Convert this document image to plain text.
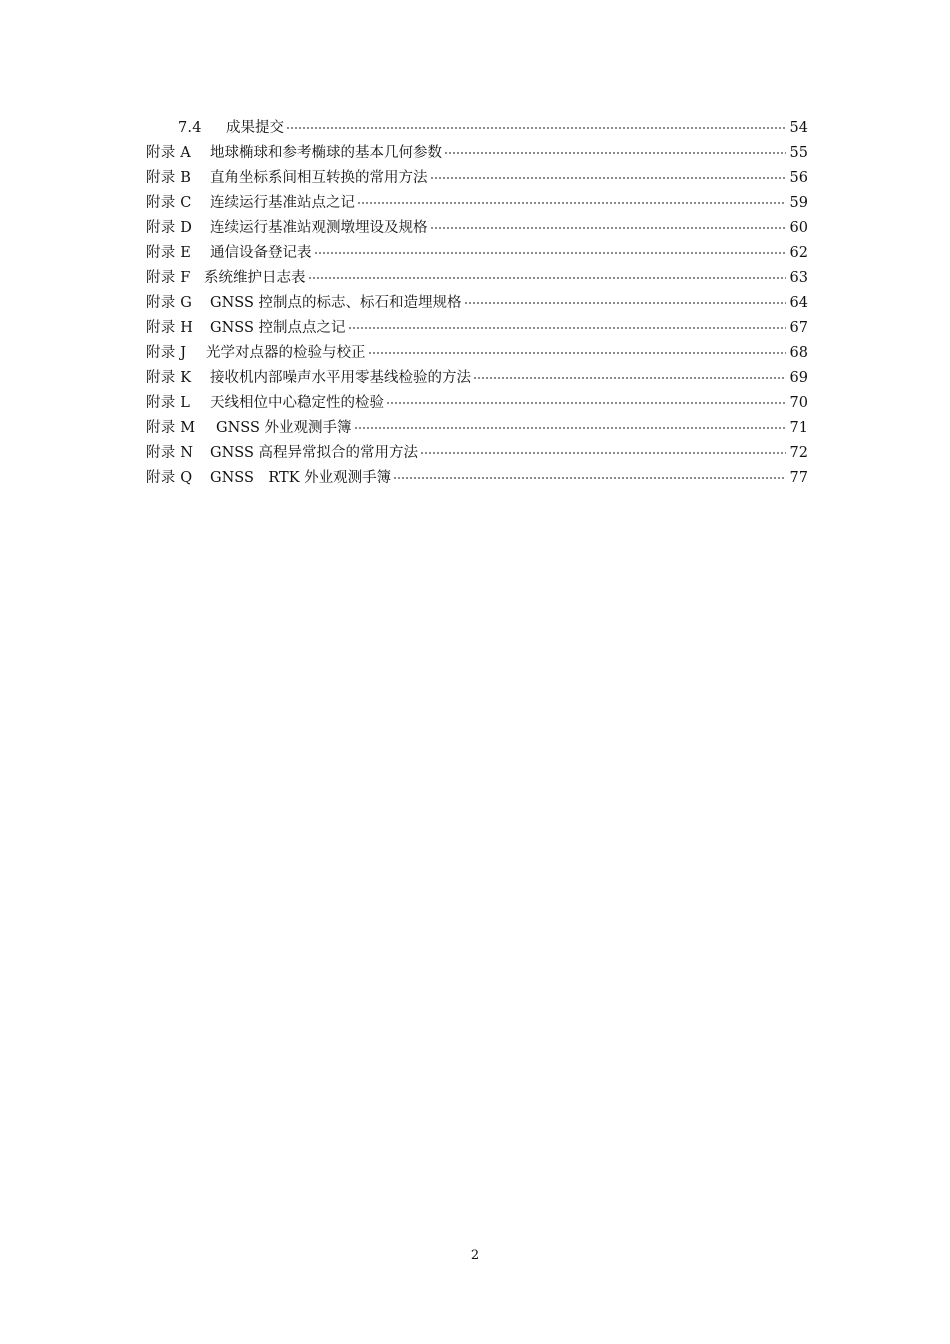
7.4	成果提交	54
附录 A	地球椭球和参考椭球的基本几何参数	55
附录 B	直角坐标系间相互转换的常用方法	56
附录 C	连续运行基准站点之记	59
附录 D	连续运行基准站观测墩埋设及规格	60
附录 E	通信设备登记表	62
附录 F 系统维护日志表	63
附录 G	GNSS 控制点的标志、标石和造埋规格	64
附录 H	GNSS 控制点点之记	67
附录 J	光学对点器的检验与校正	68
附录 K	接收机内部噪声水平用零基线检验的方法	69
附录 L	天线相位中心稳定性的检验	70
附录 M	GNSS 外业观测手簿	71
附录 N	GNSS 高程异常拟合的常用方法	72
附录 Q	GNSS　RTK 外业观测手簿	77
2
